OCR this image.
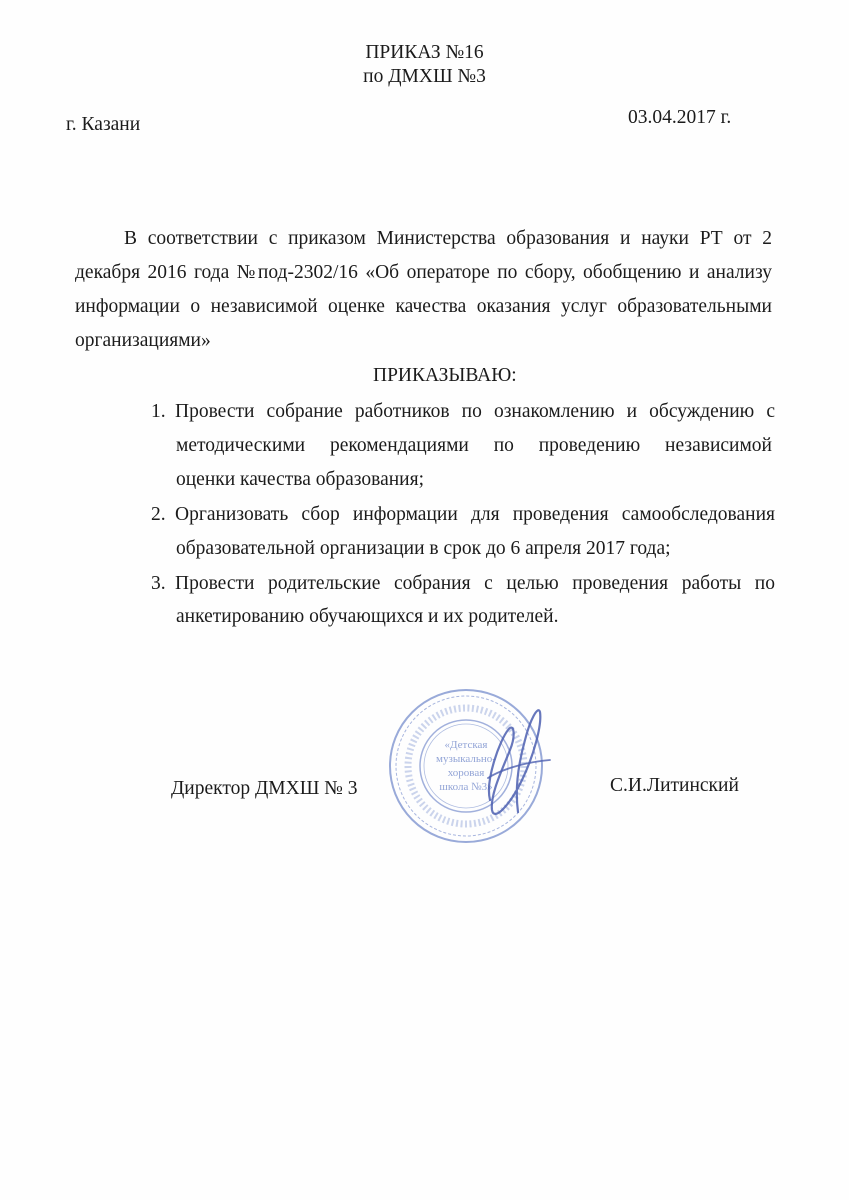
ПРИКАЗ №16
по ДМХШ №3
г. Казани	03.04.2017 г.
В соответствии с приказом Министерства образования и науки РТ от 2
декабря 2016 года №под-2302/16 «Об операторе по сбору, обобщению и анализу
информации о независимой оценке качества оказания услуг образовательными
организациями»
ПРИКАЗЫВАЮ:
1. Провести собрание работников по ознакомлению и обсуждению с
методическими рекомендациями по проведению независимой
оценки качества образования;
2. Организовать сбор информации для проведения самообследования
образовательной организации в срок до 6 апреля 2017 года;
3. Провести родительские собрания с целью проведения работы по
анкетированию обучающихся и их родителей.
«Детская
музыкально-
хоровая
школа №3»
Директор ДМХШ № 3	С.И.Литинский
